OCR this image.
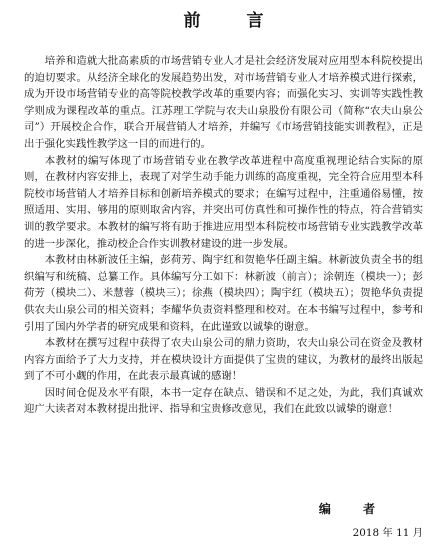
前 言

培养和造就大批高素质的市场营销专业人才是社会经济发展对应用型本科院校提出的迫切要求。从经济全球化的发展趋势出发，对市场营销专业人才培养模式进行探索，成为开设市场营销专业的高等院校教学改革的重要内容；而强化实习、实训等实践性教学则成为课程改革的重点。江苏理工学院与农夫山泉股份有限公司（简称“农夫山泉公司”）开展校企合作，联合开展营销人才培养，并编写《市场营销技能实训教程》，正是出于强化实践性教学这一目的而进行的。

本教材的编写体现了市场营销专业在教学改革进程中高度重视理论结合实际的原则，在教材内容安排上，表现了对学生动手能力训练的高度重视，完全符合应用型本科院校市场营销人才培养目标和创新培养模式的要求；在编写过程中，注重通俗易懂，按照适用、实用、够用的原则取舍内容，并突出可仿真性和可操作性的特点，符合营销实训的教学要求。本教材的编写将有助于推进应用型本科院校市场营销专业实践教学改革的进一步深化，推动校企合作实训教材建设的进一步发展。

本教材由林新波任主编，彭荷芳、陶宇红和贺艳华任副主编。林新波负责全书的组织编写和统稿、总纂工作。具体编写分工如下：林新波（前言）；涂朝连（模块一）；彭荷芳（模块二）、米慧蓉（模块三）；徐燕（模块四）；陶宇红（模块五）；贺艳华负责提供农夫山泉公司的相关资料；李耀华负责资料整理和校对。在本书编写过程中，参考和引用了国内外学者的研究成果和资料，在此谨致以诚挚的谢意。

本教材在撰写过程中获得了农夫山泉公司的鼎力资助，农夫山泉公司在资金及教材内容方面给予了大力支持，并在模块设计方面提供了宝贵的建议，为教材的最终出版起到了不可小觑的作用，在此表示最真诚的感谢！

因时间仓促及水平有限，本书一定存在缺点、错误和不足之处，为此，我们真诚欢迎广大读者对本教材提出批评、指导和宝贵修改意见，我们在此致以诚挚的谢意！

编 者
2018 年 11 月
